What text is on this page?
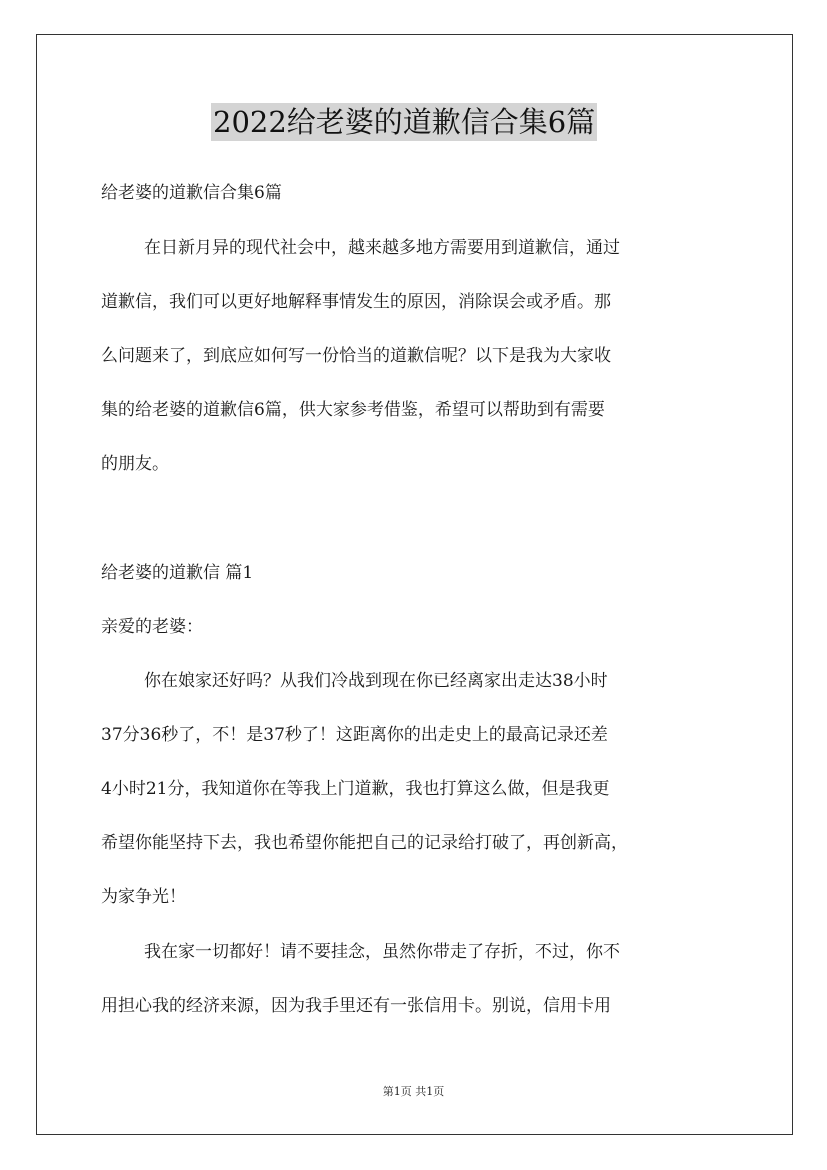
2022给老婆的道歉信合集6篇
给老婆的道歉信合集6篇
在日新月异的现代社会中，越来越多地方需要用到道歉信，通过
道歉信，我们可以更好地解释事情发生的原因，消除误会或矛盾。那
么问题来了，到底应如何写一份恰当的道歉信呢？以下是我为大家收
集的给老婆的道歉信6篇，供大家参考借鉴，希望可以帮助到有需要
的朋友。
给老婆的道歉信 篇1
亲爱的老婆：
你在娘家还好吗？从我们冷战到现在你已经离家出走达38小时
37分36秒了，不！是37秒了！这距离你的出走史上的最高记录还差
4小时21分，我知道你在等我上门道歉，我也打算这么做，但是我更
希望你能坚持下去，我也希望你能把自己的记录给打破了，再创新高，
为家争光！
我在家一切都好！请不要挂念，虽然你带走了存折，不过，你不
用担心我的经济来源，因为我手里还有一张信用卡。别说，信用卡用
第1页 共1页
